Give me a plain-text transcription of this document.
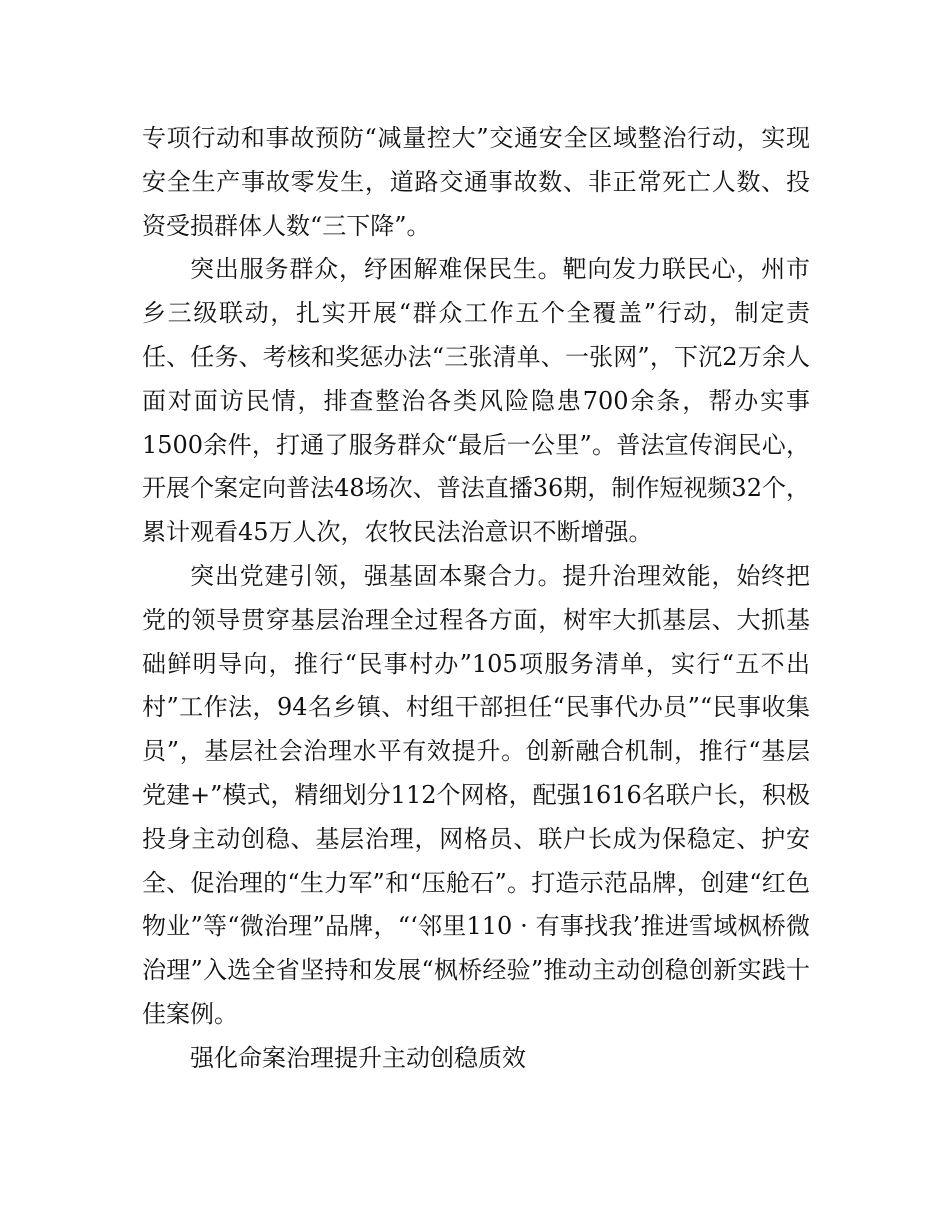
专项行动和事故预防“减量控大”交通安全区域整治行动，实现安全生产事故零发生，道路交通事故数、非正常死亡人数、投资受损群体人数“三下降”。

突出服务群众，纾困解难保民生。靶向发力联民心，州市乡三级联动，扎实开展“群众工作五个全覆盖”行动，制定责任、任务、考核和奖惩办法“三张清单、一张网”，下沉2万余人面对面访民情，排查整治各类风险隐患700余条，帮办实事1500余件，打通了服务群众“最后一公里”。普法宣传润民心，开展个案定向普法48场次、普法直播36期，制作短视频32个，累计观看45万人次，农牧民法治意识不断增强。

突出党建引领，强基固本聚合力。提升治理效能，始终把党的领导贯穿基层治理全过程各方面，树牢大抓基层、大抓基础鲜明导向，推行“民事村办”105项服务清单，实行“五不出村”工作法，94名乡镇、村组干部担任“民事代办员”“民事收集员”，基层社会治理水平有效提升。创新融合机制，推行“基层党建+”模式，精细划分112个网格，配强1616名联户长，积极投身主动创稳、基层治理，网格员、联户长成为保稳定、护安全、促治理的“生力军”和“压舱石”。打造示范品牌，创建“红色物业”等“微治理”品牌，“‘邻里110 · 有事找我’推进雪域枫桥微治理”入选全省坚持和发展“枫桥经验”推动主动创稳创新实践十佳案例。

强化命案治理提升主动创稳质效
